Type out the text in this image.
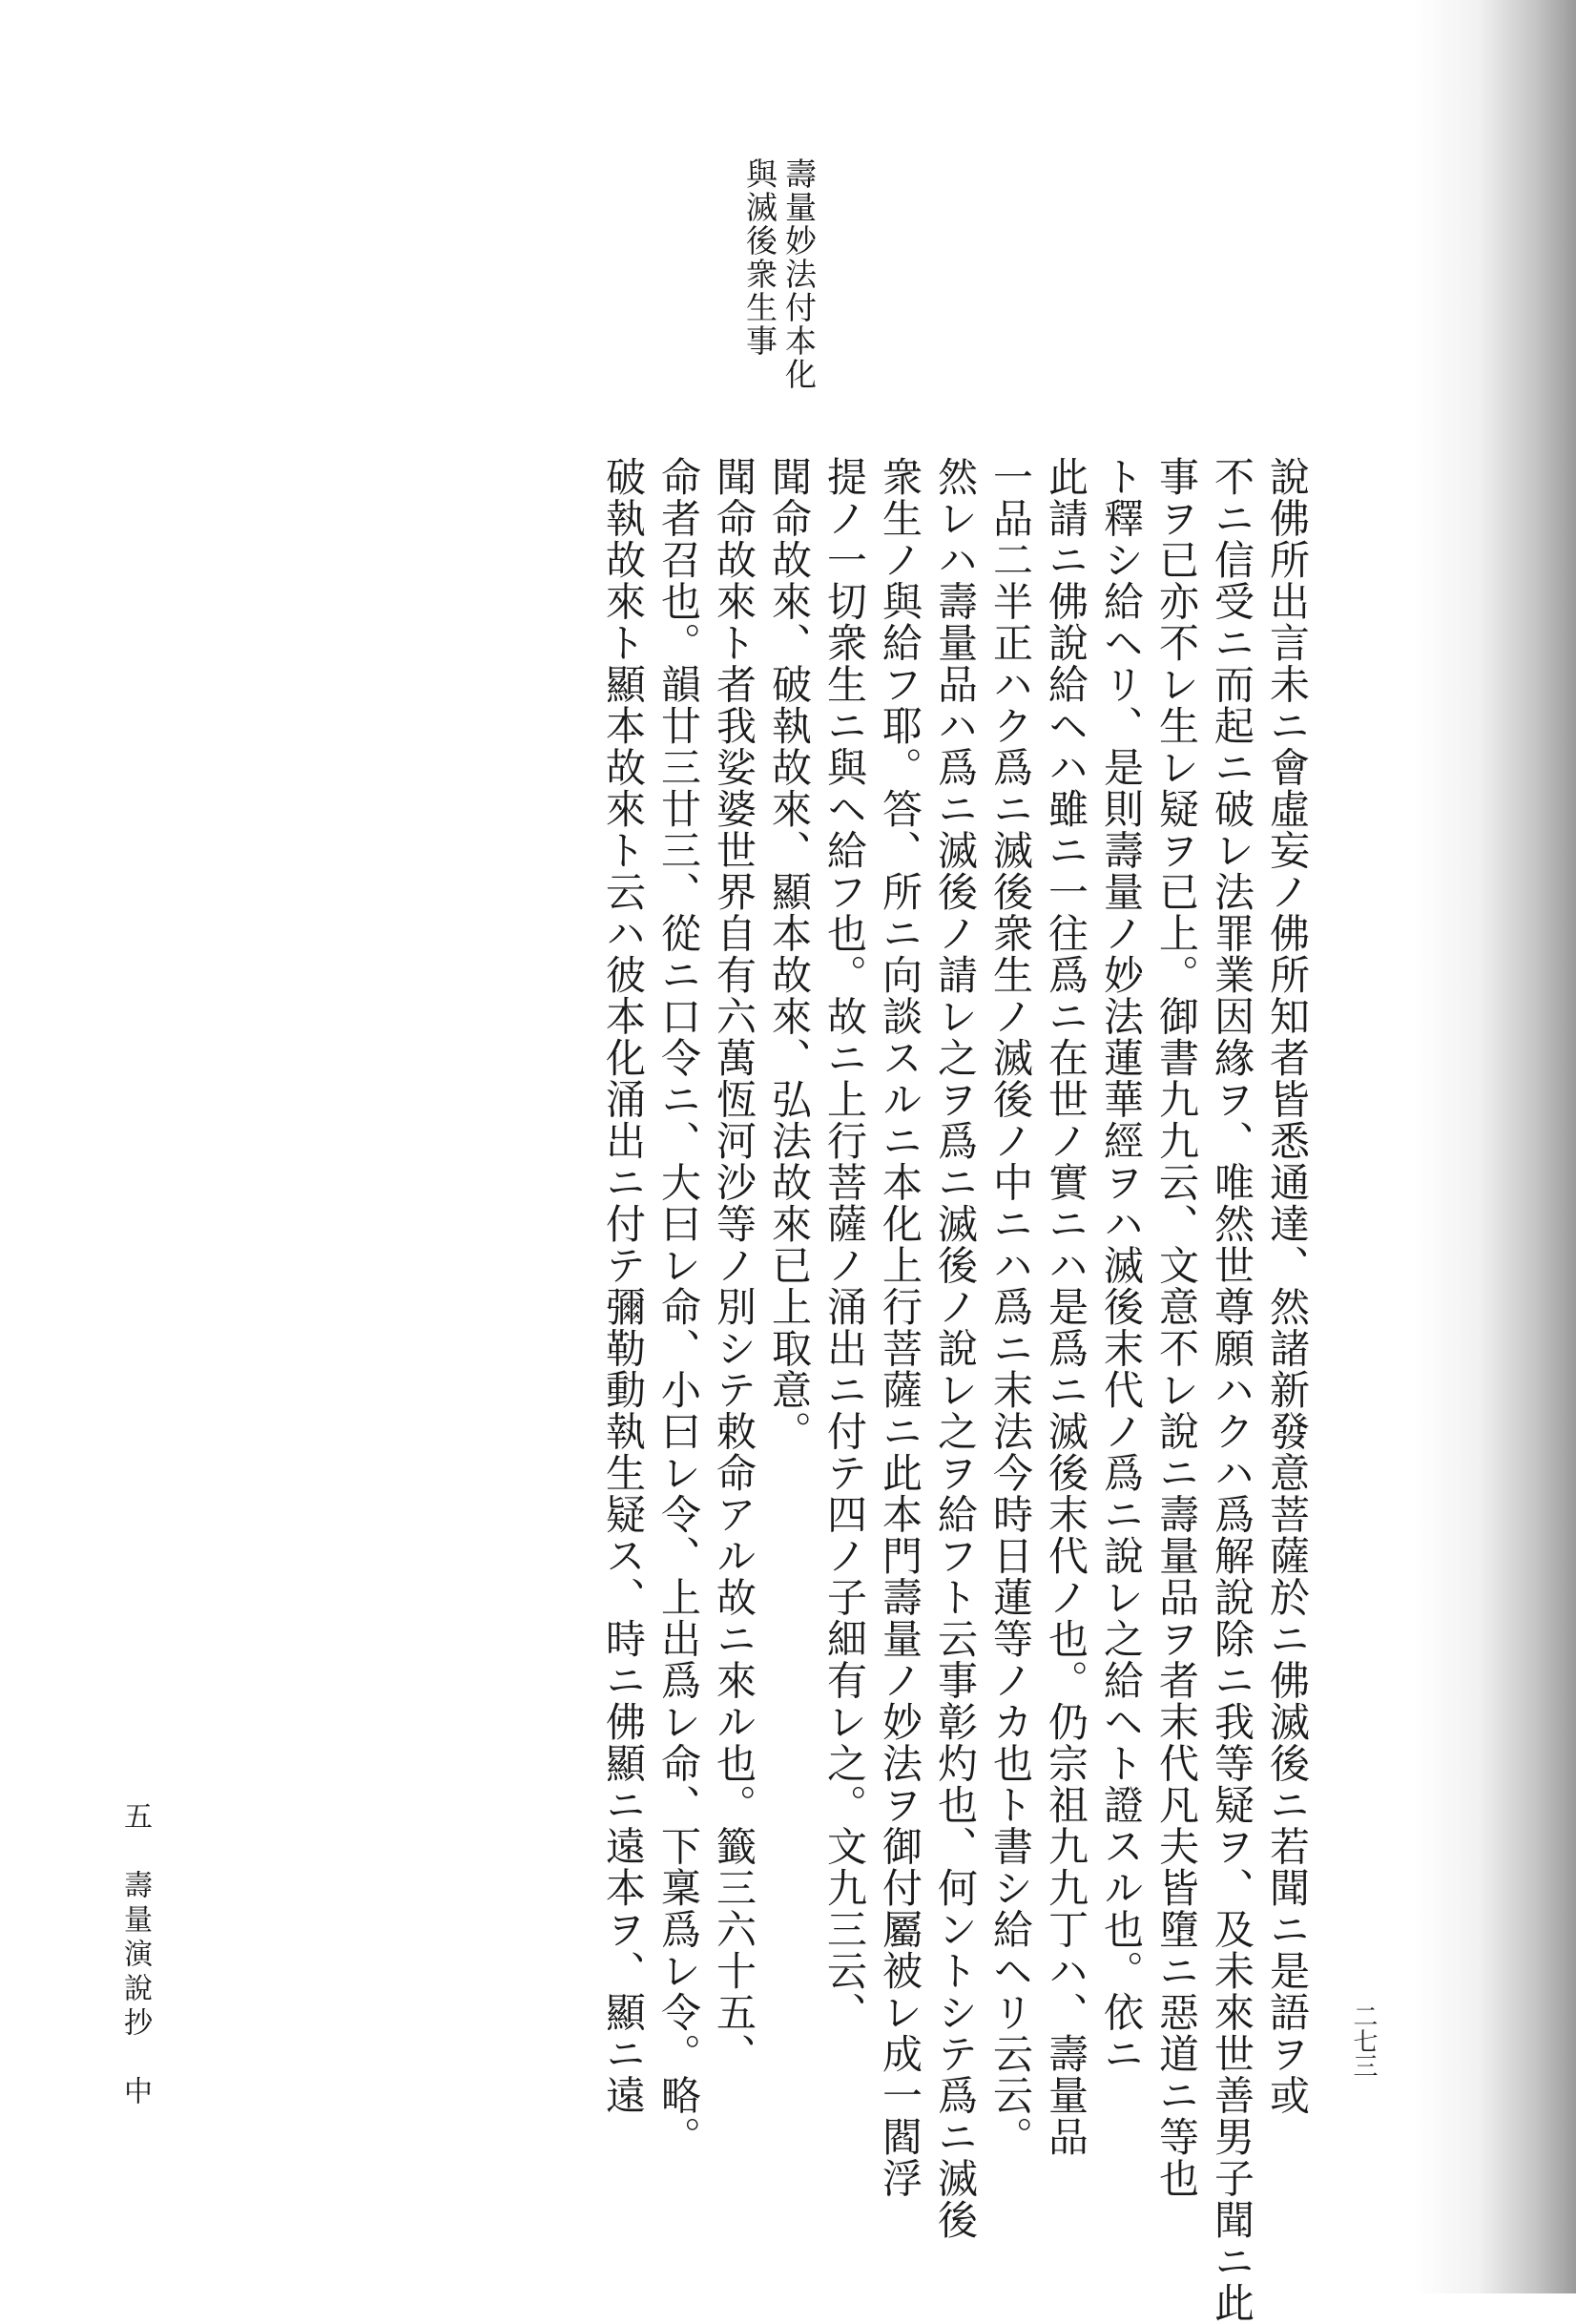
壽量妙法付本化
與滅後衆生事
說佛所出言未ニ會虛妄ノ佛所知者皆悉通達、然諸新發意菩薩於ニ佛滅後ニ若聞ニ是語ヲ或
不ニ信受ニ而起ニ破レ法罪業因緣ヲ、唯然世尊願ハクハ爲解說除ニ我等疑ヲ、及未來世善男子聞ニ此
事ヲ已亦不レ生レ疑ヲ已上。御書九九云、文意不レ說ニ壽量品ヲ者末代凡夫皆墮ニ惡道ニ等也
ト釋シ給ヘリ、是則壽量ノ妙法蓮華經ヲハ滅後末代ノ爲ニ說レ之給ヘト證スル也。依ニ
此請ニ佛說給ヘハ雖ニ一往爲ニ在世ノ實ニハ是爲ニ滅後末代ノ也。仍宗祖九九丁ハ、壽量品
一品二半正ハク爲ニ滅後衆生ノ滅後ノ中ニハ爲ニ末法今時日蓮等ノカ也ト書シ給ヘリ云云。
然レハ壽量品ハ爲ニ滅後ノ請レ之ヲ爲ニ滅後ノ說レ之ヲ給フト云事彰灼也、何ントシテ爲ニ滅後
衆生ノ與給フ耶。答、所ニ向談スルニ本化上行菩薩ニ此本門壽量ノ妙法ヲ御付屬被レ成一閻浮
提ノ一切衆生ニ與ヘ給フ也。故ニ上行菩薩ノ涌出ニ付テ四ノ子細有レ之。文九三云、
聞命故來、破執故來、顯本故來、弘法故來已上取意。
聞命故來ト者我娑婆世界自有六萬恆河沙等ノ別シテ敕命アル故ニ來ル也。籤三六十五、
命者召也。韻廿三廿三、從ニ口令ニ、大曰レ命、小曰レ令、上出爲レ命、下稟爲レ令。略。
破執故來ト顯本故來ト云ハ彼本化涌出ニ付テ彌勒動執生疑ス、時ニ佛顯ニ遠本ヲ、顯ニ遠
五　壽量演說抄　中	二七三
